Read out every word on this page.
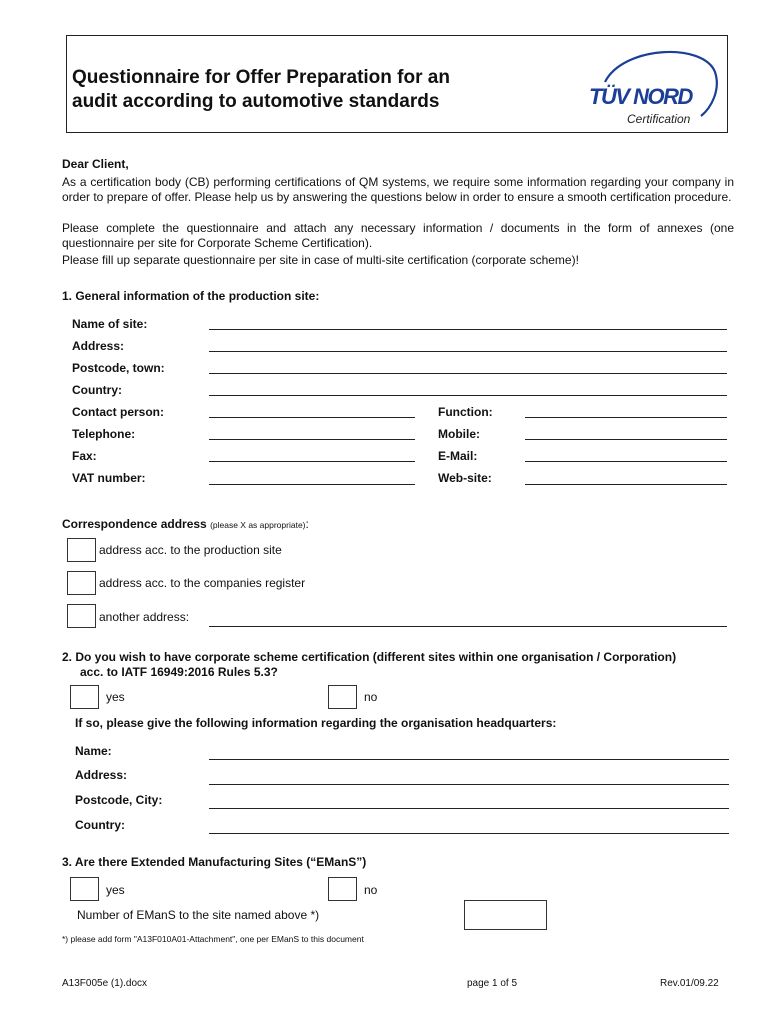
Questionnaire for Offer Preparation for an
audit according to automotive standards	TÜV NORD
Certification
Dear Client,
As a certification body (CB) performing certifications of QM systems, we require some information regarding your company in order to prepare of offer. Please help us by answering the questions below in order to ensure a smooth certification procedure.
Please complete the questionnaire and attach any necessary information / documents in the form of annexes (one questionnaire per site for Corporate Scheme Certification).
Please fill up separate questionnaire per site in case of multi-site certification (corporate scheme)!
1. General information of the production site:
Name of site:
Address:
Postcode, town:
Country:
Contact person:	Function:
Telephone:	Mobile:
Fax:	E-Mail:
VAT number:	Web-site:
Correspondence address (please X as appropriate):
address acc. to the production site
address acc. to the companies register
another address:
2. Do you wish to have corporate scheme certification (different sites within one organisation / Corporation)
acc. to IATF 16949:2016 Rules 5.3?
yes	no
If so, please give the following information regarding the organisation headquarters:
Name:
Address:
Postcode, City:
Country:
3. Are there Extended Manufacturing Sites (“EManS”)
yes	no
Number of EManS to the site named above *)
*) please add form "A13F010A01-Attachment", one per EManS to this document
A13F005e (1).docx	page 1 of 5	Rev.01/09.22
